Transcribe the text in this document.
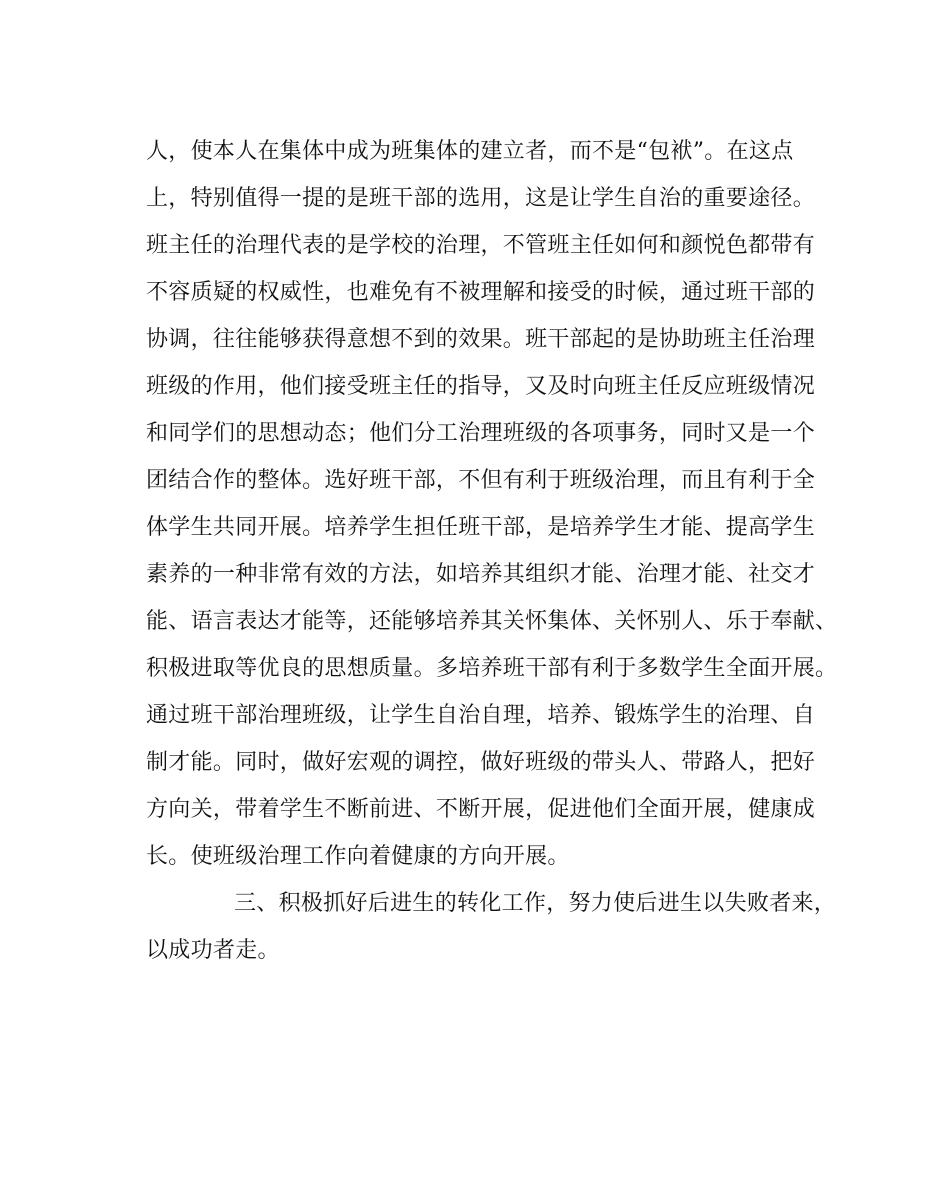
人，使本人在集体中成为班集体的建立者，而不是“包袱”。在这点
上，特别值得一提的是班干部的选用，这是让学生自治的重要途径。
班主任的治理代表的是学校的治理，不管班主任如何和颜悦色都带有
不容质疑的权威性，也难免有不被理解和接受的时候，通过班干部的
协调，往往能够获得意想不到的效果。班干部起的是协助班主任治理
班级的作用，他们接受班主任的指导，又及时向班主任反应班级情况
和同学们的思想动态；他们分工治理班级的各项事务，同时又是一个
团结合作的整体。选好班干部，不但有利于班级治理，而且有利于全
体学生共同开展。培养学生担任班干部，是培养学生才能、提高学生
素养的一种非常有效的方法，如培养其组织才能、治理才能、社交才
能、语言表达才能等，还能够培养其关怀集体、关怀别人、乐于奉献、
积极进取等优良的思想质量。多培养班干部有利于多数学生全面开展。
通过班干部治理班级，让学生自治自理，培养、锻炼学生的治理、自
制才能。同时，做好宏观的调控，做好班级的带头人、带路人，把好
方向关，带着学生不断前进、不断开展，促进他们全面开展，健康成
长。使班级治理工作向着健康的方向开展。
三、积极抓好后进生的转化工作，努力使后进生以失败者来，
以成功者走。
